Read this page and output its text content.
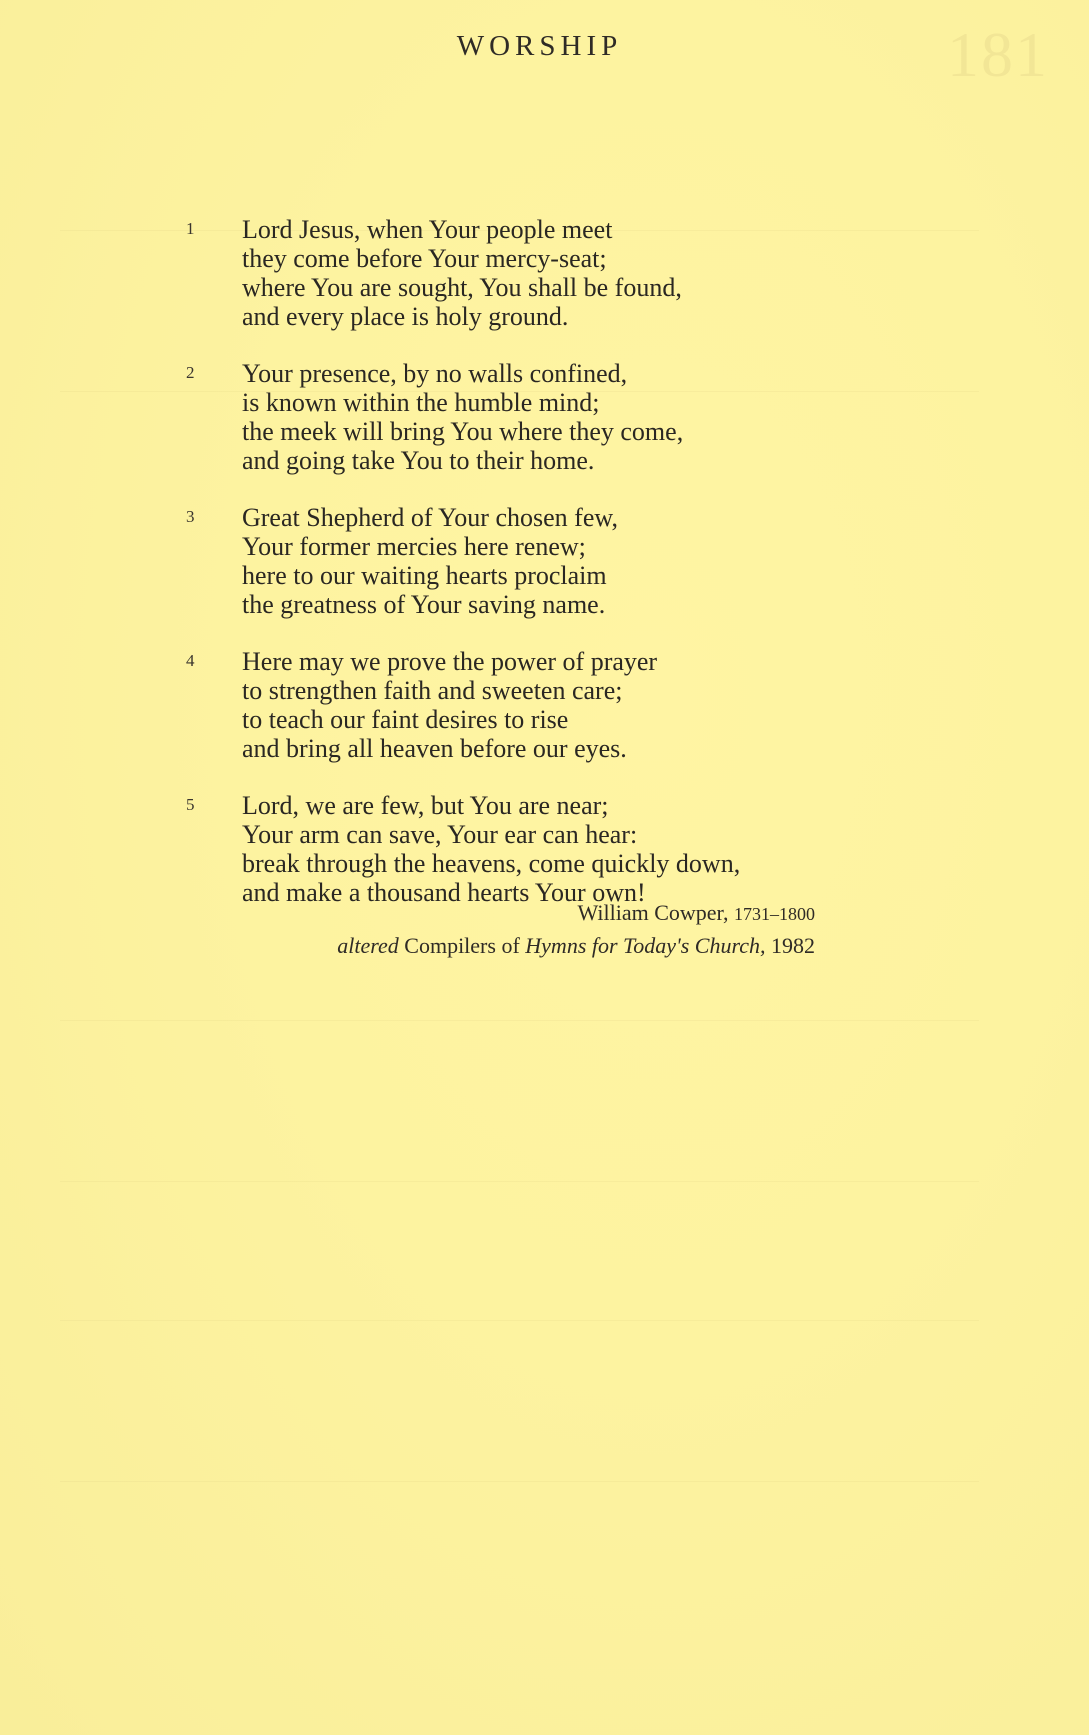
181
WORSHIP
1	Lord Jesus, when Your people meet
they come before Your mercy-seat;
where You are sought, You shall be found,
and every place is holy ground.
2	Your presence, by no walls confined,
is known within the humble mind;
the meek will bring You where they come,
and going take You to their home.
3	Great Shepherd of Your chosen few,
Your former mercies here renew;
here to our waiting hearts proclaim
the greatness of Your saving name.
4	Here may we prove the power of prayer
to strengthen faith and sweeten care;
to teach our faint desires to rise
and bring all heaven before our eyes.
5	Lord, we are few, but You are near;
Your arm can save, Your ear can hear:
break through the heavens, come quickly down,
and make a thousand hearts Your own!
William Cowper, 1731–1800
altered Compilers of Hymns for Today's Church, 1982
